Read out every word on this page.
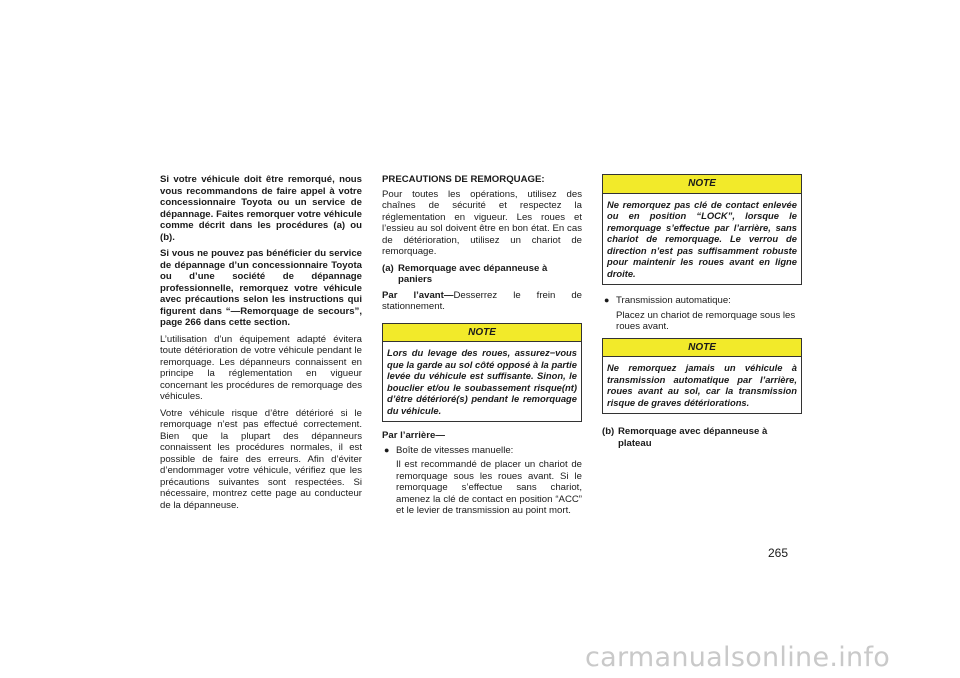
Si votre véhicule doit être remorqué, nous vous recommandons de faire appel à votre concessionnaire Toyota ou un service de dépannage. Faites remorquer votre véhicule comme décrit dans les procédures (a) ou (b).

Si vous ne pouvez pas bénéficier du service de dépannage d’un concessionnaire Toyota ou d’une société de dépannage professionnelle, remorquez votre véhicule avec précautions selon les instructions qui figurent dans “—Remorquage de secours”, page 266 dans cette section.

L’utilisation d’un équipement adapté évitera toute détérioration de votre véhicule pendant le remorquage. Les dépanneurs connaissent en principe la réglementation en vigueur concernant les procédures de remorquage des véhicules.

Votre véhicule risque d’être détérioré si le remorquage n’est pas effectué correctement. Bien que la plupart des dépanneurs connaissent les procédures normales, il est possible de faire des erreurs. Afin d’éviter d’endommager votre véhicule, vérifiez que les précautions suivantes sont respectées. Si nécessaire, montrez cette page au conducteur de la dépanneuse.

PRECAUTIONS DE REMORQUAGE:

Pour toutes les opérations, utilisez des chaînes de sécurité et respectez la réglementation en vigueur. Les roues et l’essieu au sol doivent être en bon état. En cas de détérioration, utilisez un chariot de remorquage.

(a) Remorquage avec dépanneuse à paniers

Par l’avant—Desserrez le frein de stationnement.

NOTE
Lors du levage des roues, assurez−vous que la garde au sol côté opposé à la partie levée du véhicule est suffisante. Sinon, le bouclier et/ou le soubassement risque(nt) d’être détérioré(s) pendant le remorquage du véhicule.
Par l’arrière—
● Boîte de vitesses manuelle:

Il est recommandé de placer un chariot de remorquage sous les roues avant. Si le remorquage s’effectue sans chariot, amenez la clé de contact en position “ACC” et le levier de transmission au point mort.

NOTE
Ne remorquez pas clé de contact enlevée ou en position “LOCK”, lorsque le remorquage s’effectue par l’arrière, sans chariot de remorquage. Le verrou de direction n’est pas suffisamment robuste pour maintenir les roues avant en ligne droite.
● Transmission automatique:

Placez un chariot de remorquage sous les roues avant.

NOTE
Ne remorquez jamais un véhicule à transmission automatique par l’arrière, roues avant au sol, car la transmission risque de graves détériorations.
(b) Remorquage avec dépanneuse à plateau
265
carmanualsonline.info
